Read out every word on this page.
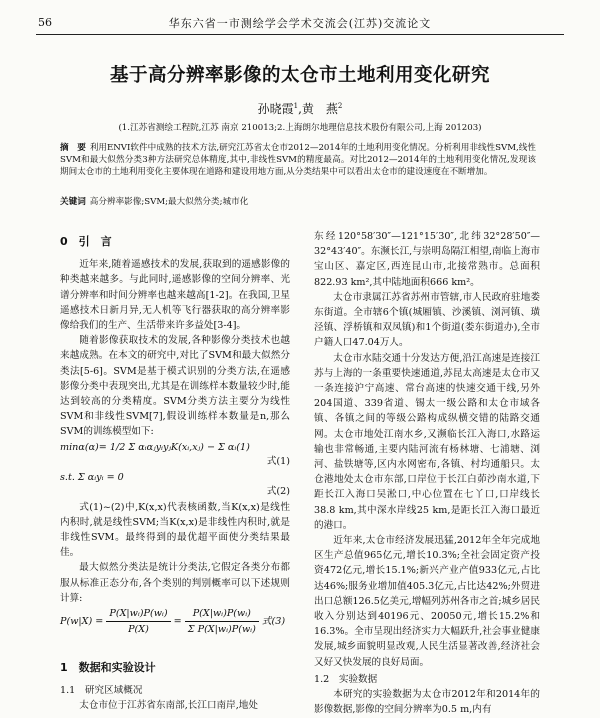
56	华东六省一市测绘学会学术交流会(江苏)交流论文
基于高分辨率影像的太仓市土地利用变化研究
孙晓霞$^1$,黄　燕$^2$
(1.江苏省测绘工程院,江苏 南京 210013;2.上海朗尔地理信息技术股份有限公司,上海 201203)
摘　要 利用ENVI软件中成熟的技术方法,研究江苏省太仓市2012—2014年的土地利用变化情况。分析利用非线性SVM,线性SVM和最大似然分类3种方法研究总体精度,其中,非线性SVM的精度最高。对比2012—2014年的土地利用变化情况,发现该期间太仓市的土地利用变化主要体现在道路和建设用地方面,从分类结果中可以看出太仓市的建设速度在不断增加。
关键词 高分辨率影像;SVM;最大似然分类;城市化
0　引　言

近年来,随着遥感技术的发展,获取到的遥感影像的种类越来越多。与此同时,遥感影像的空间分辨率、光谱分辨率和时间分辨率也越来越高[1-2]。在我国,卫星遥感技术日新月异,无人机等飞行器获取的高分辨率影像给我们的生产、生活带来许多益处[3-4]。

随着影像获取技术的发展,各种影像分类技术也越来越成熟。在本文的研究中,对比了SVM和最大似然分类法[5-6]。SVM是基于模式识别的分类方法,在遥感影像分类中表现突出,尤其是在训练样本数量较少时,能达到较高的分类精度。SVM分类方法主要分为线性SVM和非线性SVM[7],假设训练样本数量是n,那么SVM的训练模型如下:

minα(α)= 1/2 Σ αᵢαⱼyᵢyⱼK(xᵢ,xⱼ) − Σ αᵢ(1)
式(1)
s.t. Σ αᵢyᵢ = 0
式(2)

式(1)~(2)中,K(x,x)代表核函数,当K(x,x)是线性内积时,就是线性SVM;当K(x,x)是非线性内积时,就是非线性SVM。最终得到的最优超平面使分类结果最佳。

最大似然分类法是统计分类法,它假定各类分布都服从标准正态分布,各个类别的判别概率可以下述规则计算:

$P(w|X) = \frac{\text{P(X|wᵢ)P(wᵢ)}}{P(X)} = \frac{\text{P(X|wᵢ)P(wᵢ)}}{\text{Σ P(X|wᵢ)P(wᵢ)}}$ 式(3)
1　数据和实验设计
1.1　研究区域概况

太仓市位于江苏省东南部,长江口南岸,地处

东经120°58′30″—121°15′30″,北纬32°28′50″—32°43′40″。东濒长江,与崇明岛隔江相望,南临上海市宝山区、嘉定区,西连昆山市,北接常熟市。总面积822.93 km²,其中陆地面积666 km²。

太仓市隶属江苏省苏州市管辖,市人民政府驻地娄东街道。全市辖6个镇(城厢镇、沙溪镇、浏河镇、璜泾镇、浮桥镇和双凤镇)和1个街道(娄东街道办),全市户籍人口47.04万人。

太仓市水陆交通十分发达方便,沿江高速是连接江苏与上海的一条重要快速通道,苏昆太高速是太仓市又一条连接沪宁高速、常台高速的快速交通干线,另外204国道、339省道、锡太一级公路和太仓市域各镇、各镇之间的等级公路构成纵横交错的陆路交通网。太仓市地处江南水乡,又濒临长江入海口,水路运输也非常畅通,主要内陆河流有杨林塘、七浦塘、浏河、盐铁塘等,区内水网密布,各镇、村均通船只。太仓港地处太仓市东部,口岸位于长江白茆沙南水道,下距长江入海口吴淞口,中心位置在七丫口,口岸线长38.8 km,其中深水岸线25 km,是距长江入海口最近的港口。

近年来,太仓市经济发展迅猛,2012年全年完成地区生产总值965亿元,增长10.3%;全社会固定资产投资472亿元,增长15.1%;新兴产业产值933亿元,占比达46%;服务业增加值405.3亿元,占比达42%;外贸进出口总额126.5亿美元,增幅列苏州各市之首;城乡居民收入分别达到40196元、20050元,增长15.2%和16.3%。全市呈现出经济实力大幅跃升,社会事业健康发展,城乡面貌明显改观,人民生活显著改善,经济社会又好又快发展的良好局面。

1.2　实验数据

本研究的实验数据为太仓市2012年和2014年的影像数据,影像的空间分辨率为0.5 m,内有
